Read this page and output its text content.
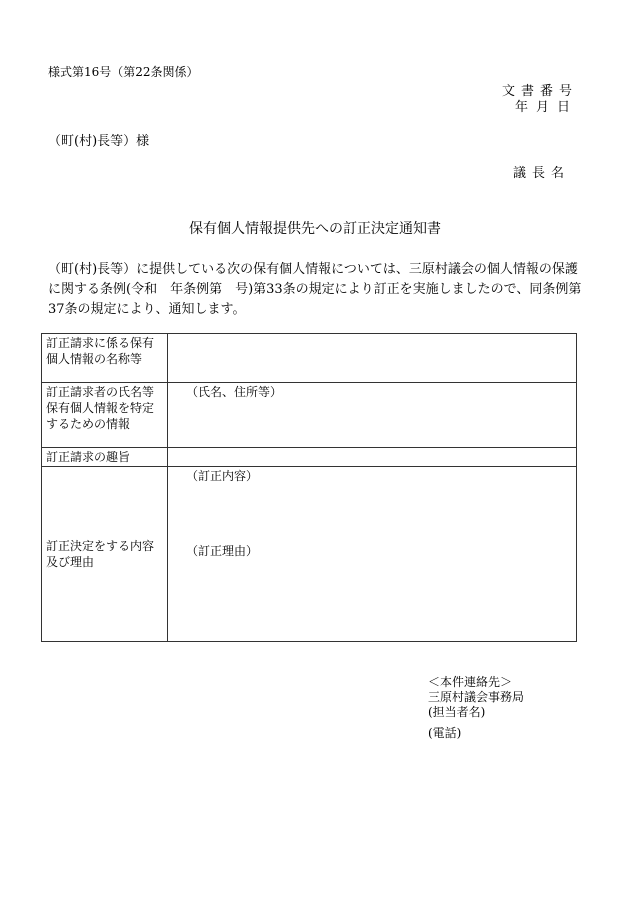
様式第16号（第22条関係）
文書番号
年月日
（町(村)長等）様
議長名
保有個人情報提供先への訂正決定通知書

（町(村)長等）に提供している次の保有個人情報については、三原村議会の個人情報の保護に関する条例(令和　年条例第　号)第33条の規定により訂正を実施しましたので、同条例第37条の規定により、通知します。

訂正請求に係る保有個人情報の名称等	
訂正請求者の氏名等保有個人情報を特定するための情報	（氏名、住所等）
訂正請求の趣旨	
訂正決定をする内容及び理由	（訂正内容）
（訂正理由）
＜本件連絡先＞
三原村議会事務局
(担当者名)
(電話)
